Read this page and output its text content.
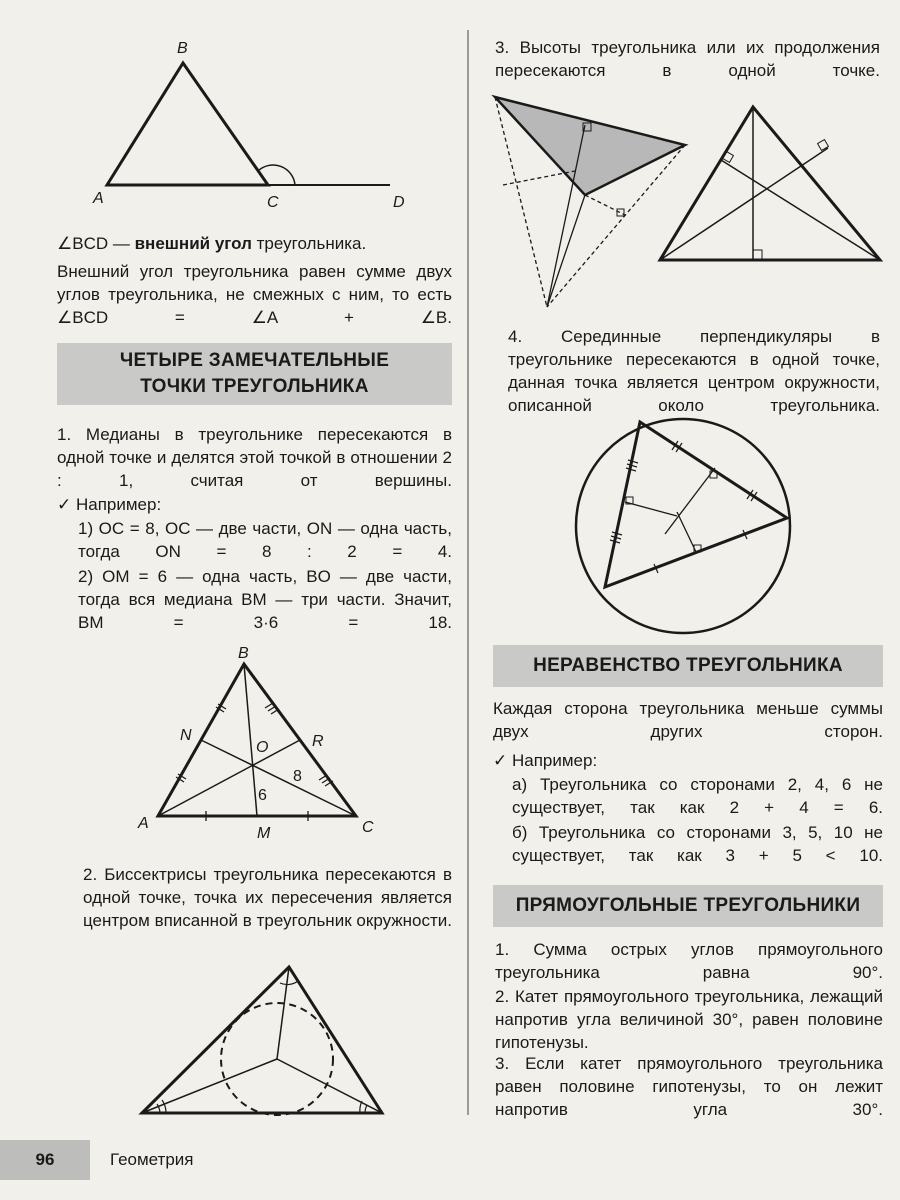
B
A	C	D
∠BCD — внешний угол треугольника.
Внешний угол треугольника равен сумме двух углов треугольника, не смежных с ним, то есть ∠BCD = ∠A + ∠B.
ЧЕТЫРЕ ЗАМЕЧАТЕЛЬНЫЕ
ТОЧКИ ТРЕУГОЛЬНИКА
1. Медианы в треугольнике пересекаются в одной точке и делятся этой точкой в отношении 2 : 1, считая от вершины.
✓ Например:
1) OC = 8, OC — две части, ON — одна часть, тогда ON = 8 : 2 = 4.
2) OM = 6 — одна часть, BO — две части, тогда вся медиана BM — три части. Значит, BM = 3·6 = 18.
B
N
O	R
8
6
A
M	C
2. Биссектрисы треугольника пересекаются в одной точке, точка их пересечения является центром вписанной в треугольник окружности.
3. Высоты треугольника или их продолжения пересекаются в одной точке.
4. Серединные перпендикуляры в треугольнике пересекаются в одной точке, данная точка является центром окружности, описанной около треугольника.
НЕРАВЕНСТВО ТРЕУГОЛЬНИКА
Каждая сторона треугольника меньше суммы двух других сторон.
✓ Например:
а) Треугольника со сторонами 2, 4, 6 не существует, так как 2 + 4 = 6.
б) Треугольника со сторонами 3, 5, 10 не существует, так как 3 + 5 < 10.
ПРЯМОУГОЛЬНЫЕ ТРЕУГОЛЬНИКИ
1. Сумма острых углов прямоугольного треугольника равна 90°.
2. Катет прямоугольного треугольника, лежащий напротив угла величиной 30°, равен половине гипотенузы.
3. Если катет прямоугольного треугольника равен половине гипотенузы, то он лежит напротив угла 30°.
96	Геометрия
